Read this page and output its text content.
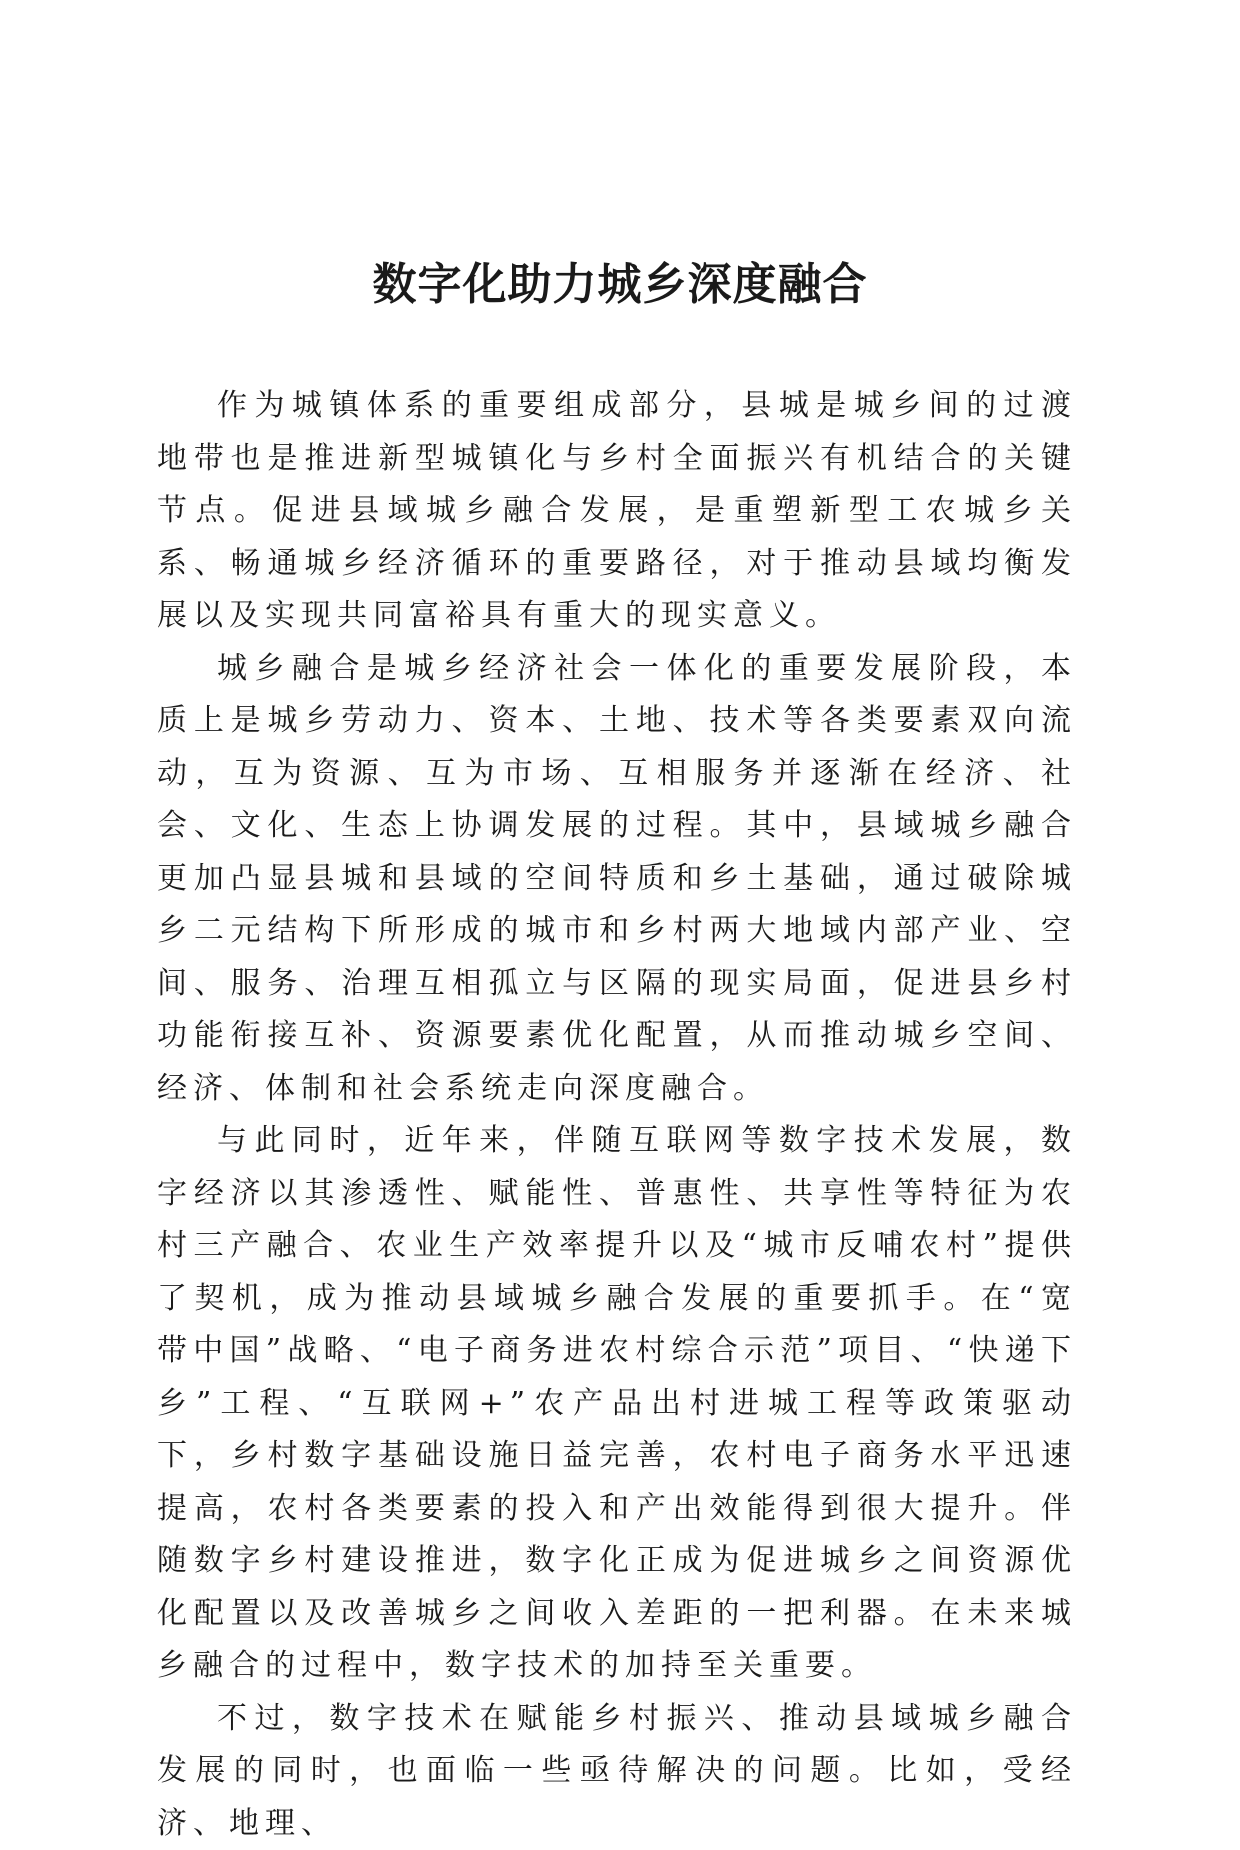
数字化助力城乡深度融合

作为城镇体系的重要组成部分，县城是城乡间的过渡地带也是推进新型城镇化与乡村全面振兴有机结合的关键节点。促进县域城乡融合发展，是重塑新型工农城乡关系、畅通城乡经济循环的重要路径，对于推动县域均衡发展以及实现共同富裕具有重大的现实意义。

城乡融合是城乡经济社会一体化的重要发展阶段，本质上是城乡劳动力、资本、土地、技术等各类要素双向流动，互为资源、互为市场、互相服务并逐渐在经济、社会、文化、生态上协调发展的过程。其中，县域城乡融合更加凸显县城和县域的空间特质和乡土基础，通过破除城乡二元结构下所形成的城市和乡村两大地域内部产业、空间、服务、治理互相孤立与区隔的现实局面，促进县乡村功能衔接互补、资源要素优化配置，从而推动城乡空间、经济、体制和社会系统走向深度融合。

与此同时，近年来，伴随互联网等数字技术发展，数字经济以其渗透性、赋能性、普惠性、共享性等特征为农村三产融合、农业生产效率提升以及“城市反哺农村”提供了契机，成为推动县域城乡融合发展的重要抓手。在“宽带中国”战略、“电子商务进农村综合示范”项目、“快递下乡”工程、“互联网+”农产品出村进城工程等政策驱动下，乡村数字基础设施日益完善，农村电子商务水平迅速提高，农村各类要素的投入和产出效能得到很大提升。伴随数字乡村建设推进，数字化正成为促进城乡之间资源优化配置以及改善城乡之间收入差距的一把利器。在未来城乡融合的过程中，数字技术的加持至关重要。

不过，数字技术在赋能乡村振兴、推动县域城乡融合发展的同时，也面临一些亟待解决的问题。比如，受经济、地理、
